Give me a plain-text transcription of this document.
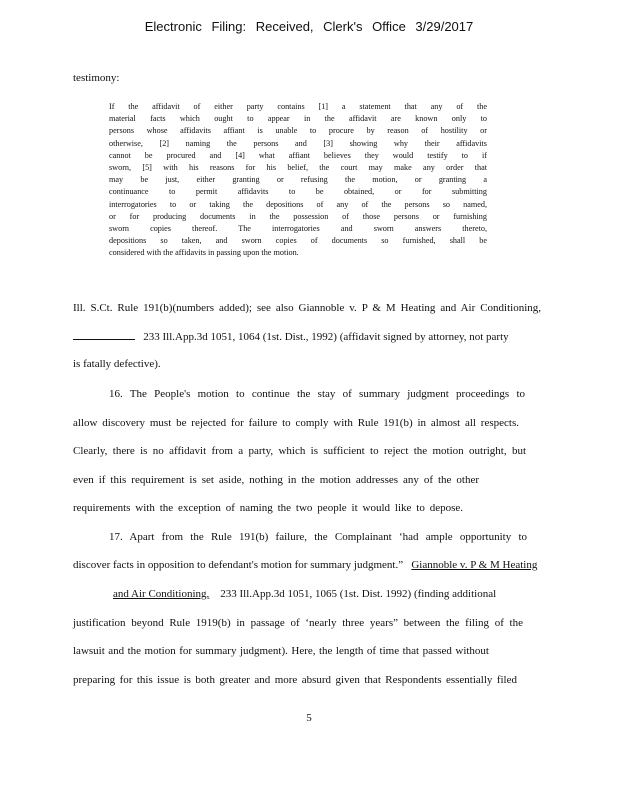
Electronic Filing: Received, Clerk's Office 3/29/2017
testimony:
If the affidavit of either party contains [1] a statement that any of the
material facts which ought to appear in the affidavit are known only to
persons whose affidavits affiant is unable to procure by reason of hostility or
otherwise, [2] naming the persons and [3] showing why their affidavits
cannot be procured and [4] what affiant believes they would testify to if
sworn, [5] with his reasons for his belief, the court may make any order that
may be just, either granting or refusing the motion, or granting a
continuance to permit affidavits to be obtained, or for submitting
interrogatories to or taking the depositions of any of the persons so named,
or for producing documents in the possession of those persons or furnishing
sworn copies thereof. The interrogatories and sworn answers thereto,
depositions so taken, and sworn copies of documents so furnished, shall be
considered with the affidavits in passing upon the motion.
Ill. S.Ct. Rule 191(b)(numbers added); see also Giannoble v. P & M Heating and Air Conditioning,
233 Ill.App.3d 1051, 1064 (1st. Dist., 1992) (affidavit signed by attorney, not party
is fatally defective).
16. The People's motion to continue the stay of summary judgment proceedings to
allow discovery must be rejected for failure to comply with Rule 191(b) in almost all respects.
Clearly, there is no affidavit from a party, which is sufficient to reject the motion outright, but
even if this requirement is set aside, nothing in the motion addresses any of the other
requirements with the exception of naming the two people it would like to depose.
17. Apart from the Rule 191(b) failure, the Complainant ‘had ample opportunity to
discover facts in opposition to defendant's motion for summary judgment.” Giannoble v. P & M Heating
and Air Conditioning, 233 Ill.App.3d 1051, 1065 (1st. Dist. 1992) (finding additional
justification beyond Rule 1919(b) in passage of ‘nearly three years” between the filing of the
lawsuit and the motion for summary judgment). Here, the length of time that passed without
preparing for this issue is both greater and more absurd given that Respondents essentially filed
5
